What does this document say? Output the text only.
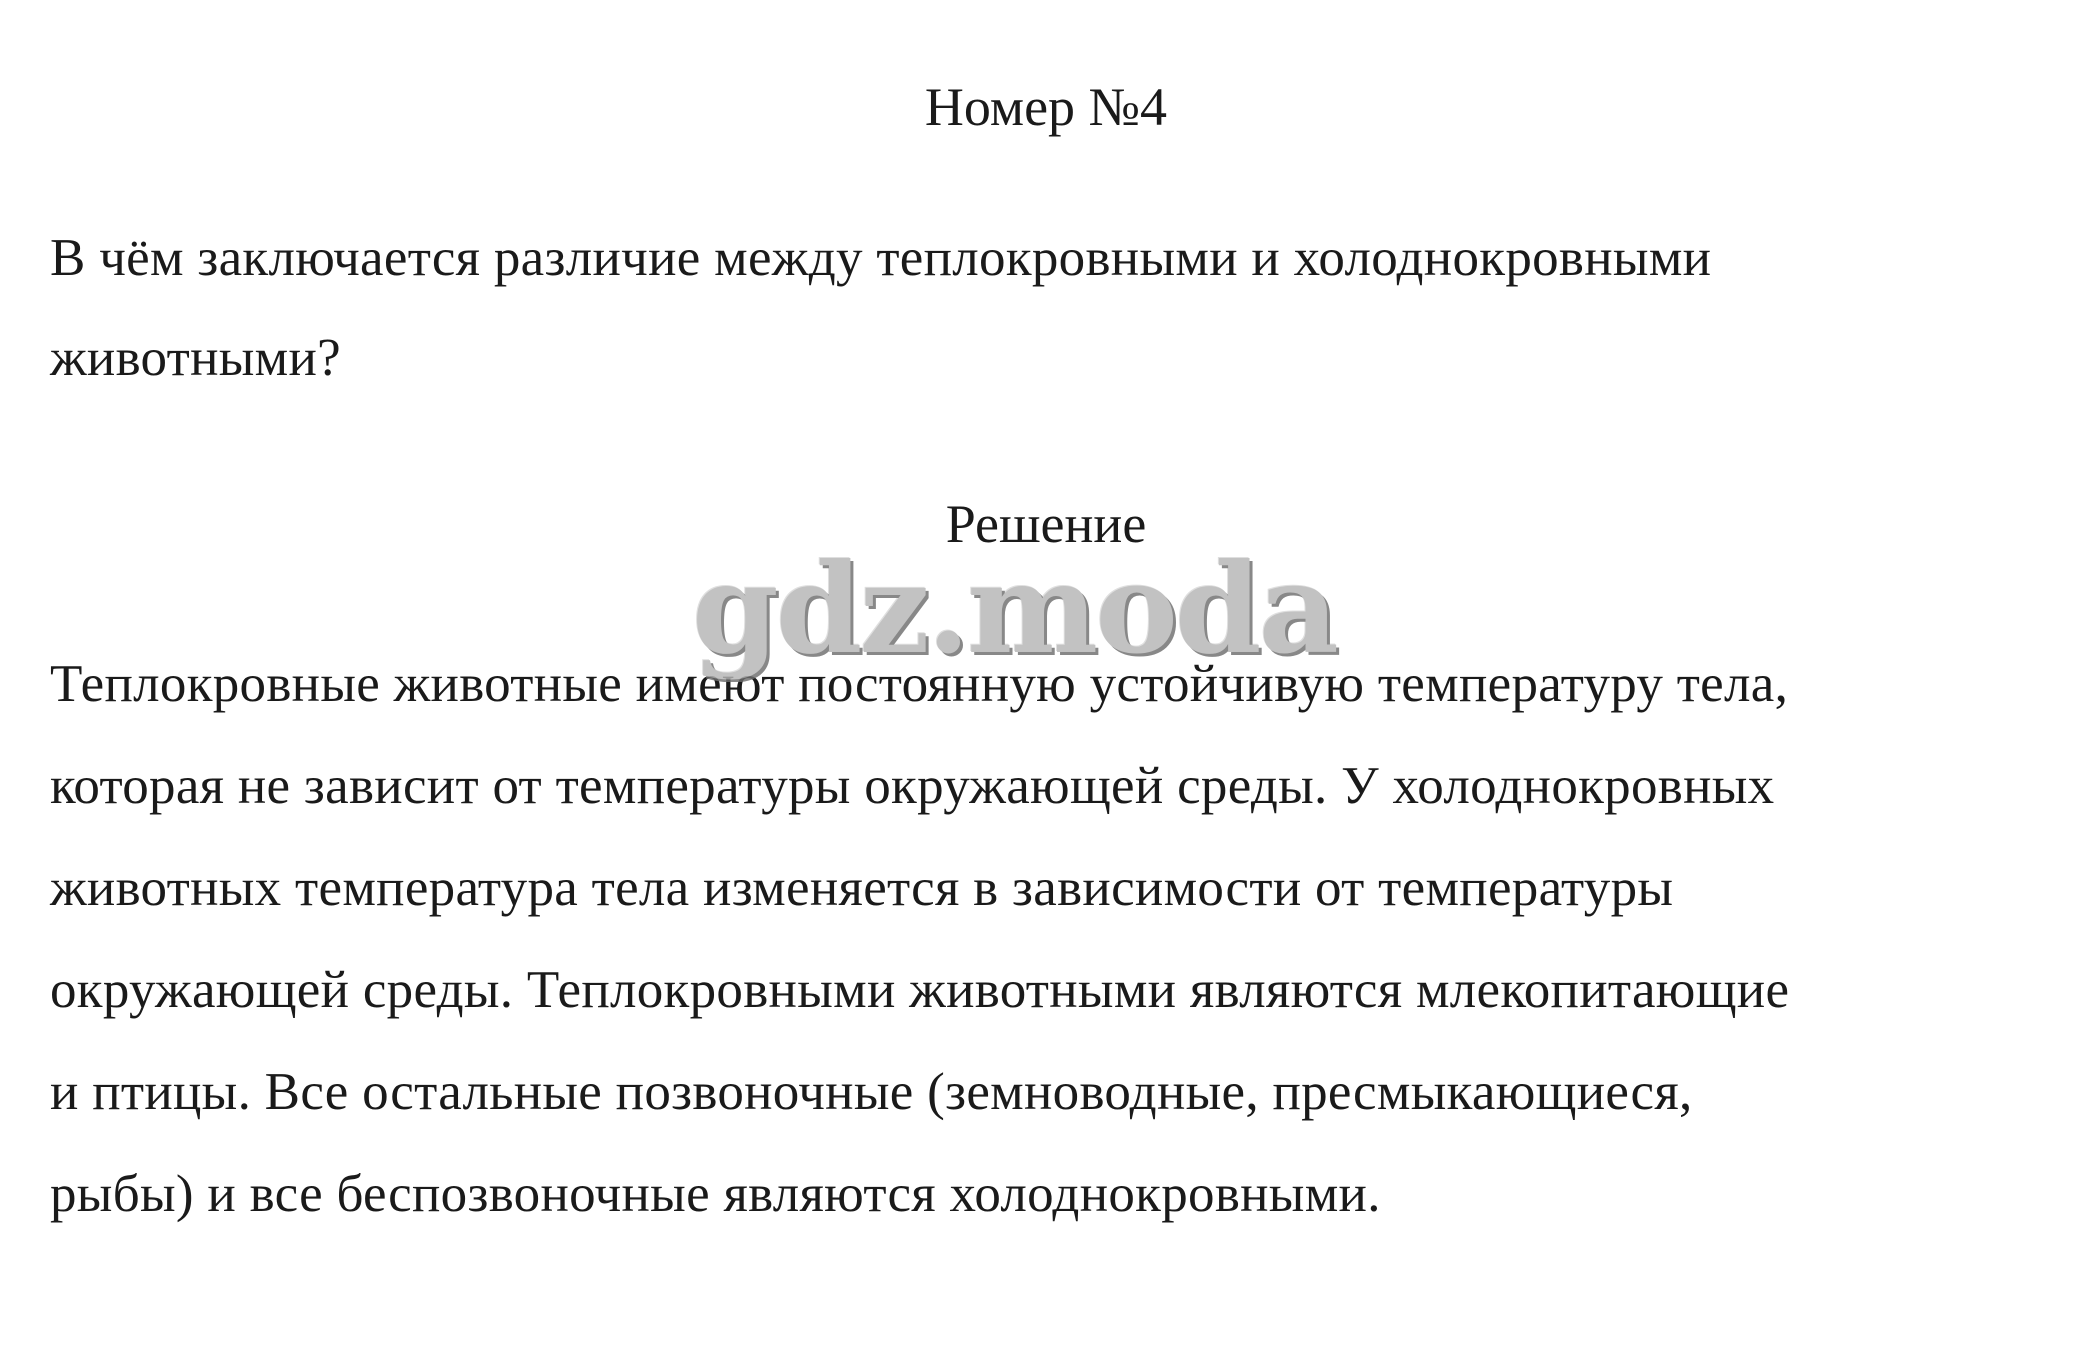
Номер №4
В чём заключается различие между теплокровными и холоднокровными
животными?
Решение
Теплокровные животные имеют постоянную устойчивую температуру тела,
которая не зависит от температуры окружающей среды. У холоднокровных
животных температура тела изменяется в зависимости от температуры
окружающей среды. Теплокровными животными являются млекопитающие
и птицы. Все остальные позвоночные (земноводные, пресмыкающиеся,
рыбы) и все беспозвоночные являются холоднокровными.
gdz.moda
